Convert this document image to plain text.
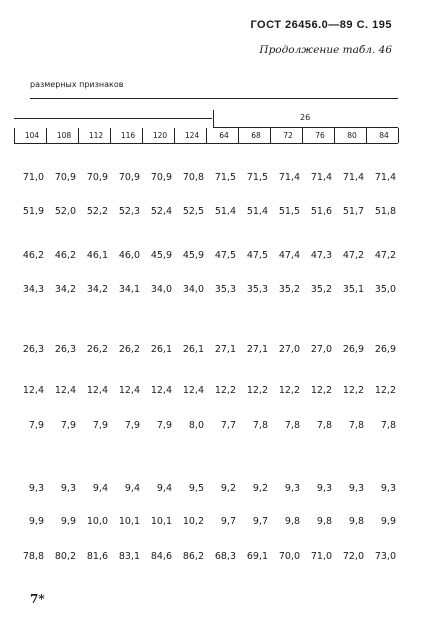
ГОСТ 26456.0—89 С. 195
Продолжение табл. 46
размерных признаков
26
104	108	112	116	120	124	64	68	72	76	80	84
71,0	70,9	70,9	70,9	70,9	70,8	71,5	71,5	71,4	71,4	71,4	71,4
51,9	52,0	52,2	52,3	52,4	52,5	51,4	51,4	51,5	51,6	51,7	51,8
46,2	46,2	46,1	46,0	45,9	45,9	47,5	47,5	47,4	47,3	47,2	47,2
34,3	34,2	34,2	34,1	34,0	34,0	35,3	35,3	35,2	35,2	35,1	35,0
26,3	26,3	26,2	26,2	26,1	26,1	27,1	27,1	27,0	27,0	26,9	26,9
12,4	12,4	12,4	12,4	12,4	12,4	12,2	12,2	12,2	12,2	12,2	12,2
7,9	7,9	7,9	7,9	7,9	8,0	7,7	7,8	7,8	7,8	7,8	7,8
9,3	9,3	9,4	9,4	9,4	9,5	9,2	9,2	9,3	9,3	9,3	9,3
9,9	9,9	10,0	10,1	10,1	10,2	9,7	9,7	9,8	9,8	9,8	9,9
78,8	80,2	81,6	83,1	84,6	86,2	68,3	69,1	70,0	71,0	72,0	73,0
7*
